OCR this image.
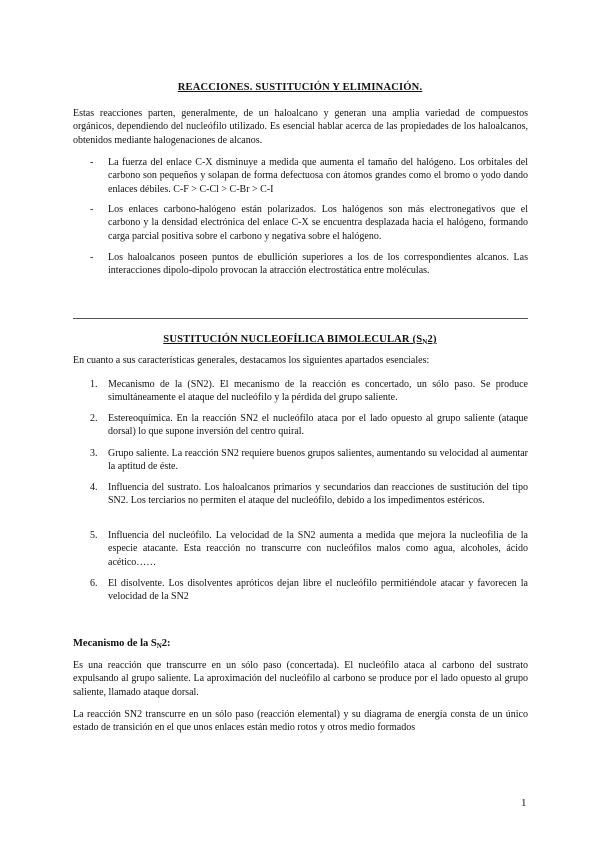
REACCIONES. SUSTITUCIÓN Y ELIMINACIÓN.
Estas reacciones parten, generalmente, de un haloalcano y generan una amplia variedad de compuestos orgánicos, dependiendo del nucleófilo utilizado. Es esencial hablar acerca de las propiedades de los haloalcanos, obtenidos mediante halogenaciones de alcanos.
- La fuerza del enlace C-X disminuye a medida que aumenta el tamaño del halógeno. Los orbitales del carbono son pequeños y solapan de forma defectuosa con átomos grandes como el bromo o yodo dando enlaces débiles. C-F > C-Cl > C-Br > C-I
- Los enlaces carbono-halógeno están polarizados. Los halógenos son más electronegativos que el carbono y la densidad electrónica del enlace C-X se encuentra desplazada hacia el halógeno, formando carga parcial positiva sobre el carbono y negativa sobre el halógeno.
- Los haloalcanos poseen puntos de ebullición superiores a los de los correspondientes alcanos. Las interacciones dipolo-dipolo provocan la atracción electrostática entre moléculas.
SUSTITUCIÓN NUCLEOFÍLICA BIMOLECULAR $(S_N2)$
En cuanto a sus características generales, destacamos los siguientes apartados esenciales:
1. Mecanismo de la (SN2). El mecanismo de la reacción es concertado, un sólo paso. Se produce simultáneamente el ataque del nucleófilo y la pérdida del grupo saliente.
2. Estereoquímica. En la reacción SN2 el nucleófilo ataca por el lado opuesto al grupo saliente (ataque dorsal) lo que supone inversión del centro quiral.
3. Grupo saliente. La reacción SN2 requiere buenos grupos salientes, aumentando su velocidad al aumentar la aptitud de éste.
4. Influencia del sustrato. Los haloalcanos primarios y secundarios dan reacciones de sustitución del tipo SN2. Los terciarios no permiten el ataque del nucleófilo, debido a los impedimentos estéricos.
5. Influencia del nucleófilo. La velocidad de la SN2 aumenta a medida que mejora la nucleofilia de la especie atacante. Esta reacción no transcurre con nucleófilos malos como agua, alcoholes, ácido acético……
6. El disolvente. Los disolventes apróticos dejan libre el nucleófilo permitiéndole atacar y favorecen la velocidad de la SN2
Mecanismo de la $S_N2$:
Es una reacción que transcurre en un sólo paso (concertada). El nucleófilo ataca al carbono del sustrato expulsando al grupo saliente. La aproximación del nucleófilo al carbono se produce por el lado opuesto al grupo saliente, llamado ataque dorsal.
La reacción SN2 transcurre en un sólo paso (reacción elemental) y su diagrama de energía consta de un único estado de transición en el que unos enlaces están medio rotos y otros medio formados
1
